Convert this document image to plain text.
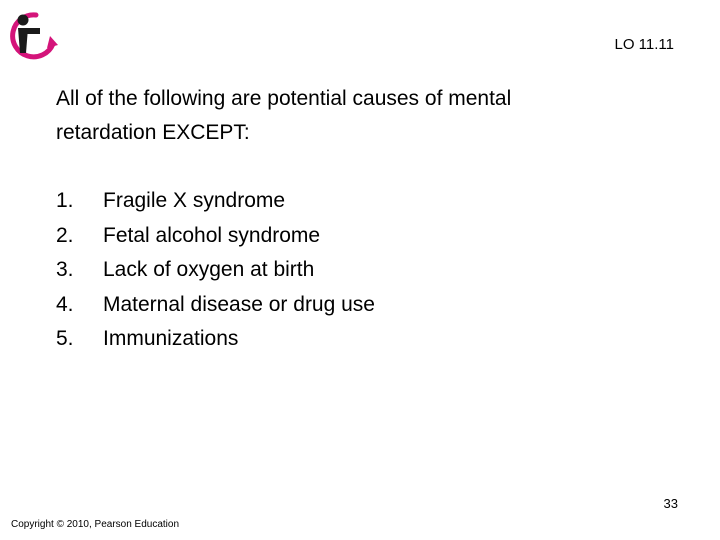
LO 11.11
All of the following are potential causes of mental retardation EXCEPT:
1.	Fragile X syndrome
2.	Fetal alcohol syndrome
3.	Lack of oxygen at birth
4.	Maternal disease or drug use
5.	Immunizations
33
Copyright © 2010, Pearson Education
